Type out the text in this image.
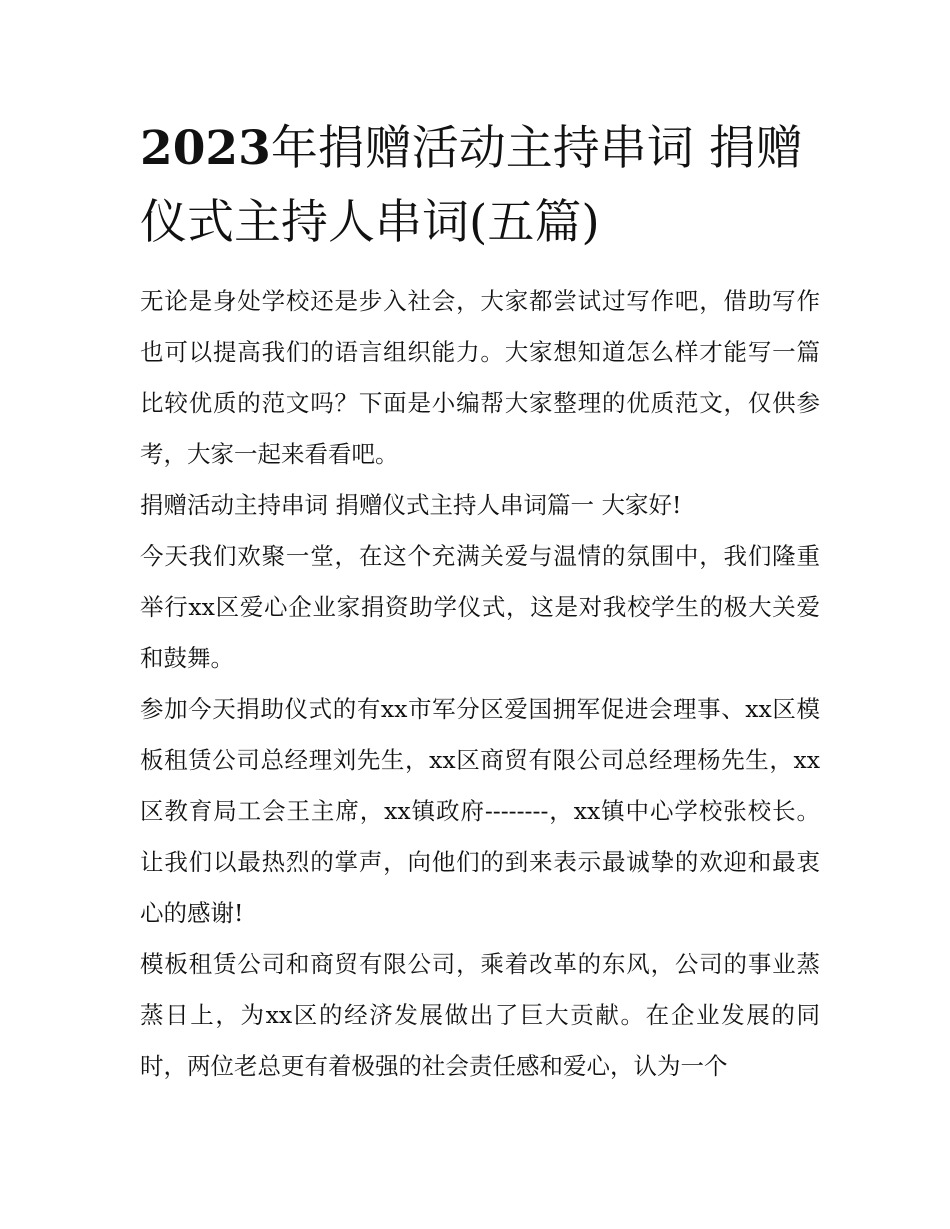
2023年捐赠活动主持串词 捐赠仪式主持人串词(五篇)

无论是身处学校还是步入社会，大家都尝试过写作吧，借助写作也可以提高我们的语言组织能力。大家想知道怎么样才能写一篇比较优质的范文吗？下面是小编帮大家整理的优质范文，仅供参考，大家一起来看看吧。

捐赠活动主持串词 捐赠仪式主持人串词篇一 大家好!

今天我们欢聚一堂，在这个充满关爱与温情的氛围中，我们隆重举行xx区爱心企业家捐资助学仪式，这是对我校学生的极大关爱和鼓舞。

参加今天捐助仪式的有xx市军分区爱国拥军促进会理事、xx区模板租赁公司总经理刘先生，xx区商贸有限公司总经理杨先生，xx区教育局工会王主席，xx镇政府--------，xx镇中心学校张校长。让我们以最热烈的掌声，向他们的到来表示最诚挚的欢迎和最衷心的感谢!

模板租赁公司和商贸有限公司，乘着改革的东风，公司的事业蒸蒸日上，为xx区的经济发展做出了巨大贡献。在企业发展的同时，两位老总更有着极强的社会责任感和爱心，认为一个
